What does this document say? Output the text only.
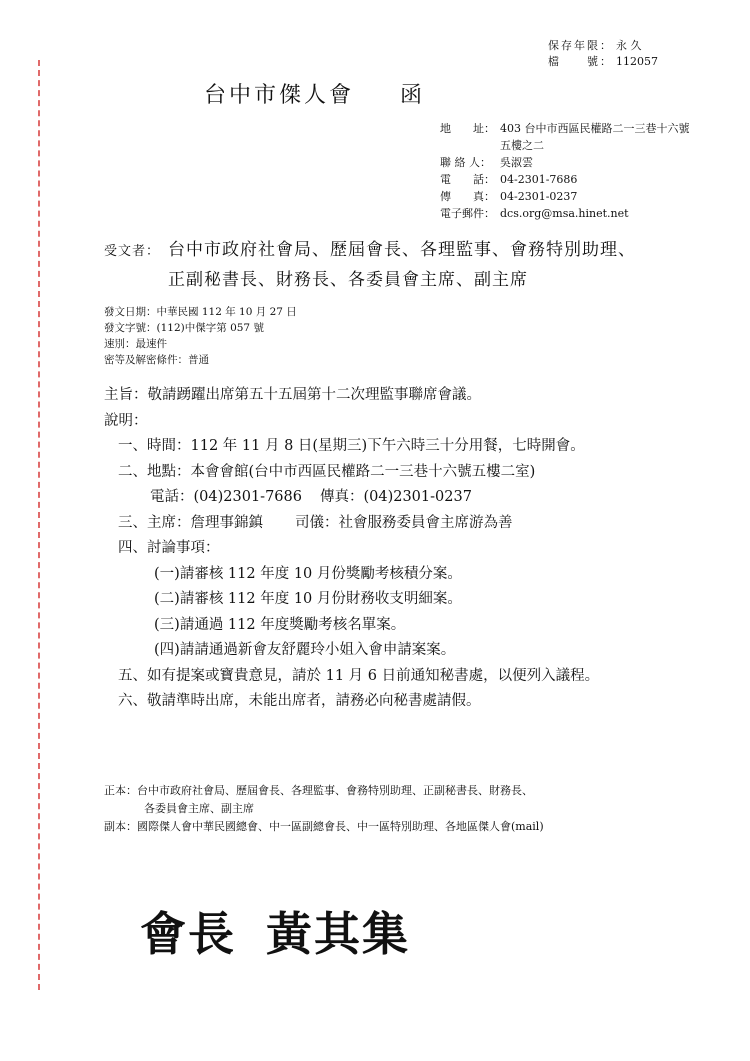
保存年限： 永 久
檔　　號： 112057
台中市傑人會 函
地　　址： 403 台中市西區民權路二一三巷十六號
五樓之二
聯 絡 人： 吳淑雲
電　　話： 04-2301-7686
傳　　真： 04-2301-0237
電子郵件： dcs.org@msa.hinet.net
受文者： 台中市政府社會局、歷屆會長、各理監事、會務特別助理、
正副秘書長、財務長、各委員會主席、副主席
發文日期：中華民國 112 年 10 月 27 日
發文字號：(112)中傑字第 057 號
速別：最速件
密等及解密條件：普通
主旨：敬請踴躍出席第五十五屆第十二次理監事聯席會議。
說明：
一、時間：112 年 11 月 8 日(星期三)下午六時三十分用餐，七時開會。
二、地點：本會會館(台中市西區民權路二一三巷十六號五樓二室)
電話：(04)2301-7686 傳真：(04)2301-0237
三、主席：詹理事錦鎮 司儀：社會服務委員會主席游為善
四、討論事項：
(一)請審核 112 年度 10 月份獎勵考核積分案。
(二)請審核 112 年度 10 月份財務收支明細案。
(三)請通過 112 年度獎勵考核名單案。
(四)請請通過新會友舒麗玲小姐入會申請案案。
五、如有提案或寶貴意見，請於 11 月 6 日前通知秘書處，以便列入議程。
六、敬請準時出席，未能出席者，請務必向秘書處請假。
正本：台中市政府社會局、歷屆會長、各理監事、會務特別助理、正副秘書長、財務長、
各委員會主席、副主席
副本：國際傑人會中華民國總會、中一區副總會長、中一區特別助理、各地區傑人會(mail)
會長 黃其集
